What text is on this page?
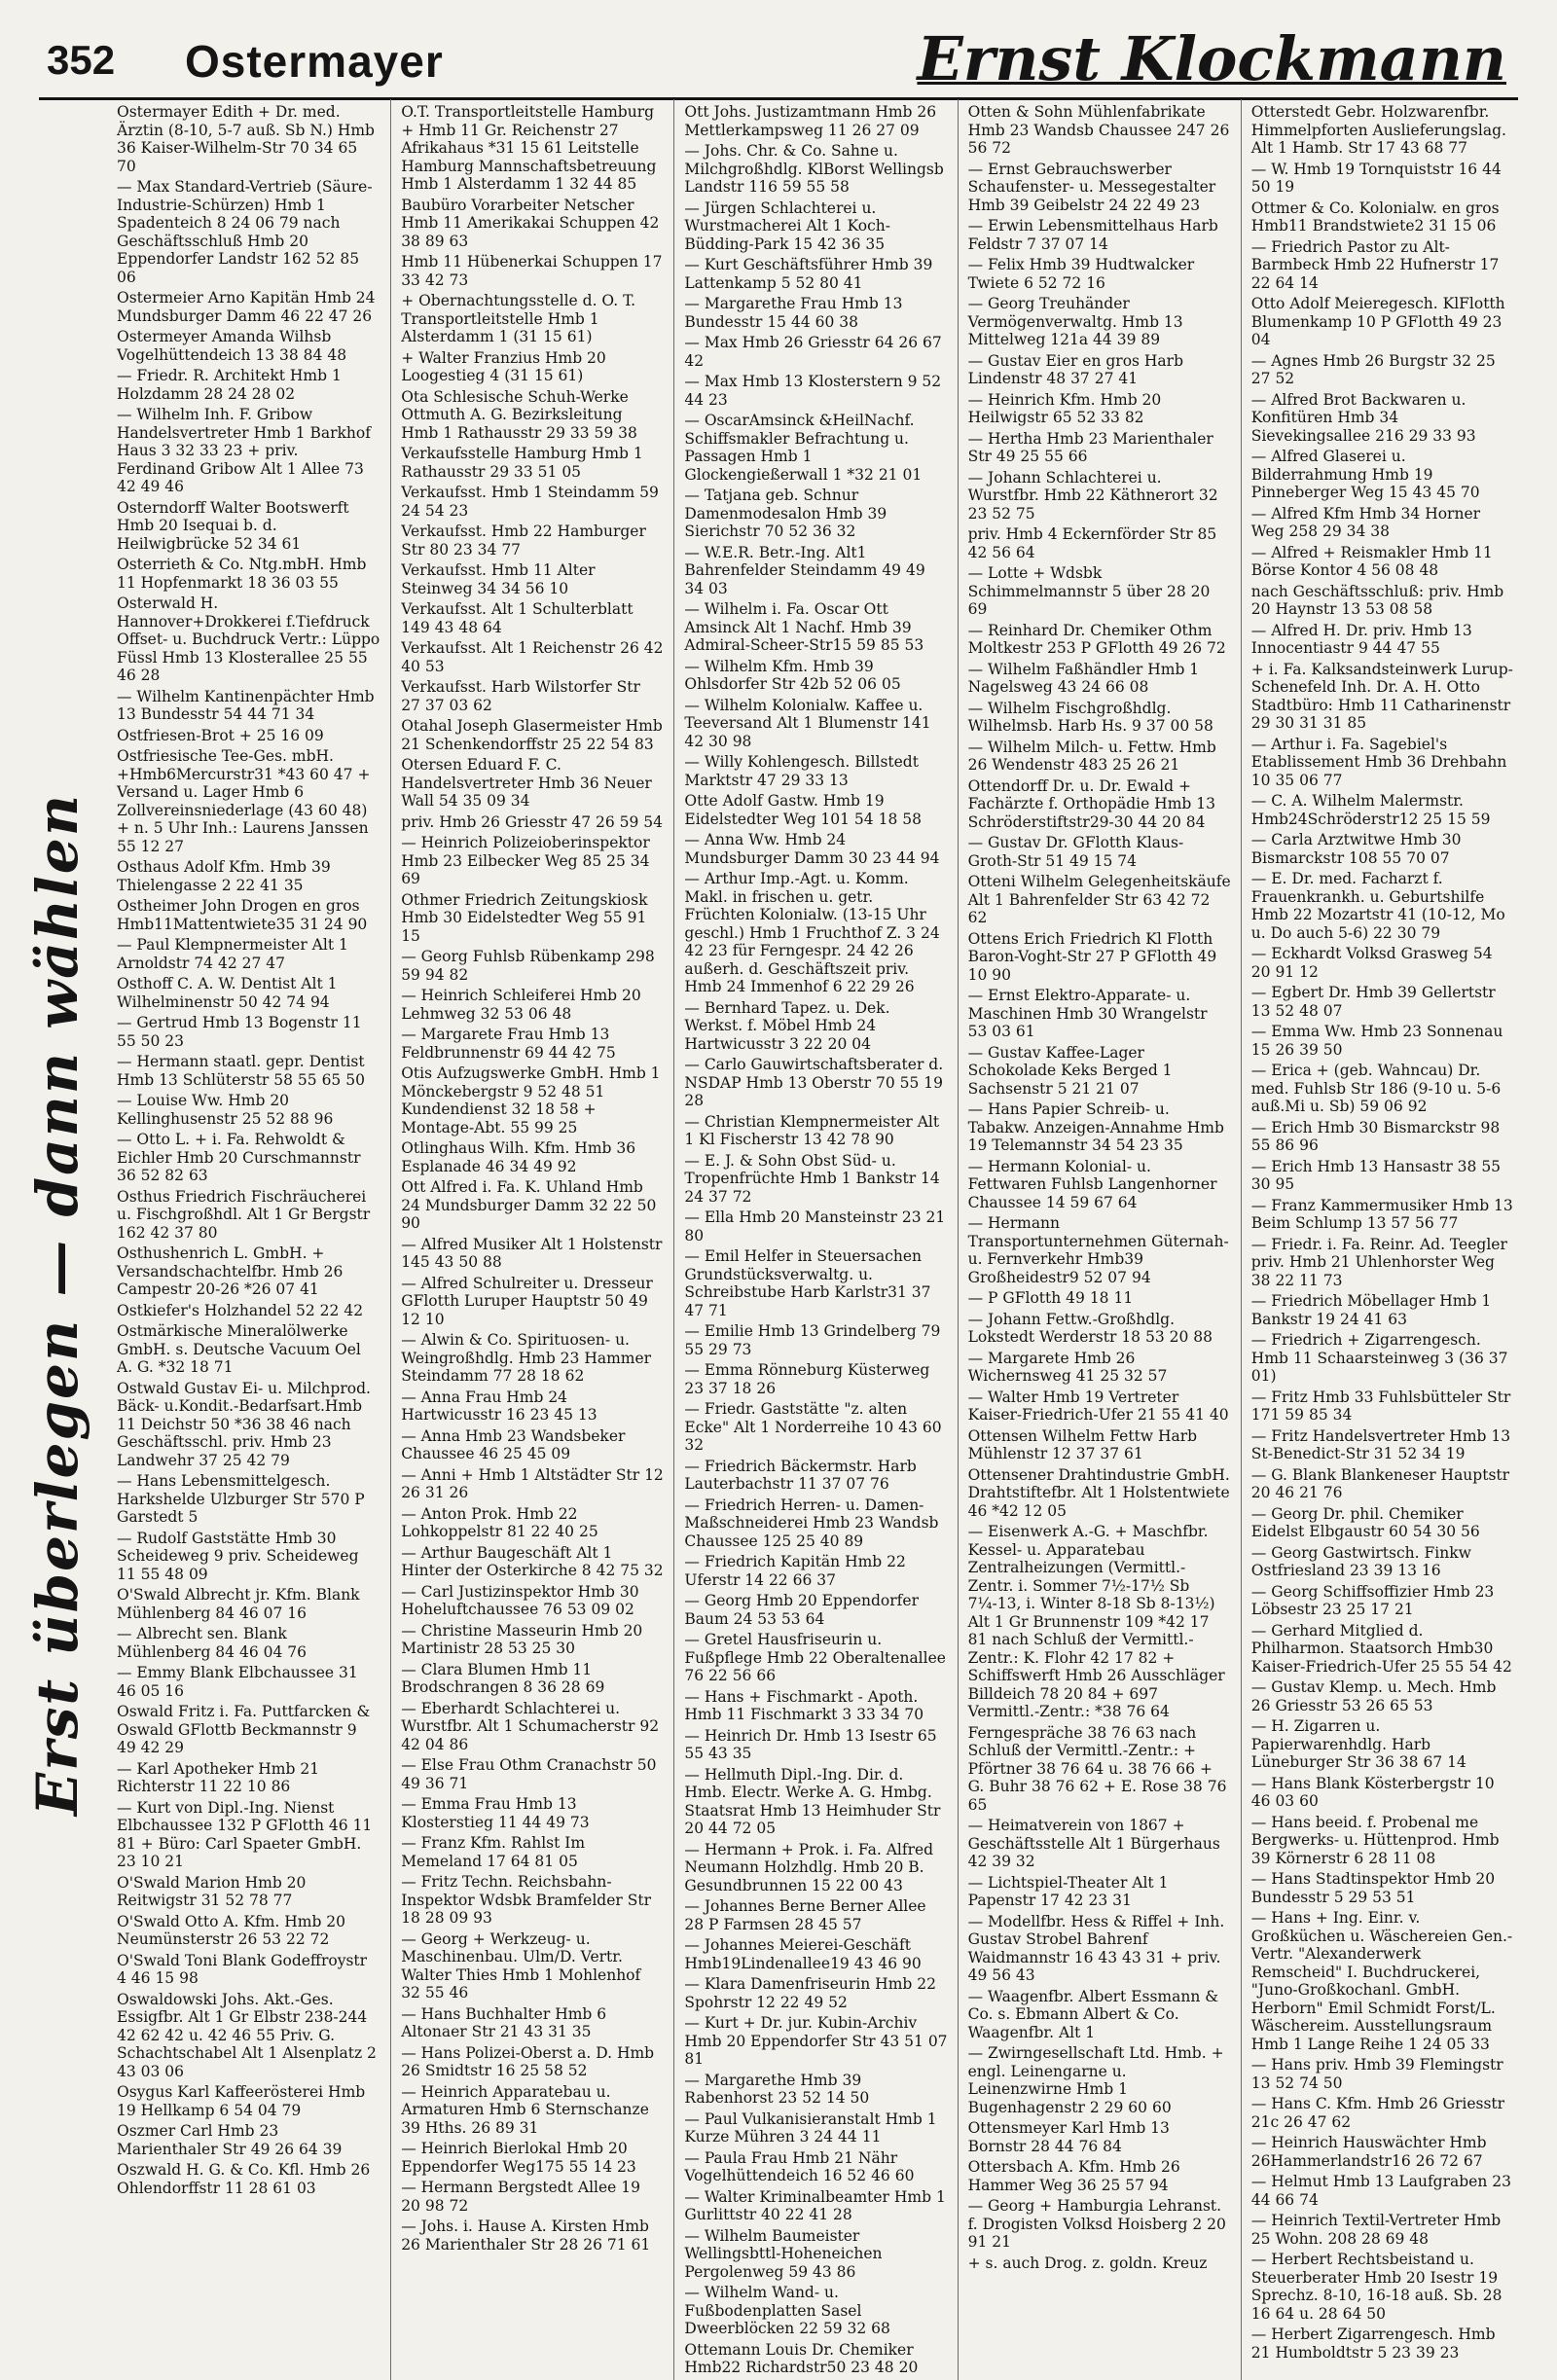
352 Ostermayer	Ernst Klockmann
Erst überlegen — dann wählen
Ostermayer Edith + Dr. med. Ärztin (8-10, 5-7 auß. Sb N.) Hmb 36 Kaiser-Wilhelm-Str 70 34 65 70
— Max Standard-Vertrieb (Säure-Industrie-Schürzen) Hmb 1 Spadenteich 8 24 06 79 nach Geschäftsschluß Hmb 20 Eppendorfer Landstr 162 52 85 06
Ostermeier Arno Kapitän Hmb 24 Mundsburger Damm 46 22 47 26
Ostermeyer Amanda Wilhsb Vogelhüttendeich 13 38 84 48
— Friedr. R. Architekt Hmb 1 Holzdamm 28 24 28 02
— Wilhelm Inh. F. Gribow Handelsvertreter Hmb 1 Barkhof Haus 3 32 33 23 + priv. Ferdinand Gribow Alt 1 Allee 73 42 49 46
Osterndorff Walter Bootswerft Hmb 20 Isequai b. d. Heilwigbrücke 52 34 61
Osterrieth & Co. Ntg.mbH. Hmb 11 Hopfenmarkt 18 36 03 55
Osterwald H. Hannover+Drokkerei f.Tiefdruck Offset- u. Buchdruck Vertr.: Lüppo Füssl Hmb 13 Klosterallee 25 55 46 28
— Wilhelm Kantinenpächter Hmb 13 Bundesstr 54 44 71 34
Ostfriesen-Brot + 25 16 09
Ostfriesische Tee-Ges. mbH. +Hmb6Mercurstr31 *43 60 47 + Versand u. Lager Hmb 6 Zollvereinsniederlage (43 60 48) + n. 5 Uhr Inh.: Laurens Janssen 55 12 27
Osthaus Adolf Kfm. Hmb 39 Thielengasse 2 22 41 35
Ostheimer John Drogen en gros Hmb11Mattentwiete35 31 24 90
— Paul Klempnermeister Alt 1 Arnoldstr 74 42 27 47
Osthoff C. A. W. Dentist Alt 1 Wilhelminenstr 50 42 74 94
— Gertrud Hmb 13 Bogenstr 11 55 50 23
— Hermann staatl. gepr. Dentist Hmb 13 Schlüterstr 58 55 65 50
— Louise Ww. Hmb 20 Kellinghusenstr 25 52 88 96
— Otto L. + i. Fa. Rehwoldt & Eichler Hmb 20 Curschmannstr 36 52 82 63
Osthus Friedrich Fischräucherei u. Fischgroßhdl. Alt 1 Gr Bergstr 162 42 37 80
Osthushenrich L. GmbH. + Versandschachtelfbr. Hmb 26 Campestr 20-26 *26 07 41
Ostkiefer's Holzhandel 52 22 42
Ostmärkische Mineralölwerke GmbH. s. Deutsche Vacuum Oel A. G. *32 18 71
Ostwald Gustav Ei- u. Milchprod. Bäck- u.Kondit.-Bedarfsart.Hmb 11 Deichstr 50 *36 38 46 nach Geschäftsschl. priv. Hmb 23 Landwehr 37 25 42 79
— Hans Lebensmittelgesch. Harkshelde Ulzburger Str 570 P Garstedt 5
— Rudolf Gaststätte Hmb 30 Scheideweg 9 priv. Scheideweg 11 55 48 09
O'Swald Albrecht jr. Kfm. Blank Mühlenberg 84 46 07 16
— Albrecht sen. Blank Mühlenberg 84 46 04 76
— Emmy Blank Elbchaussee 31 46 05 16
Oswald Fritz i. Fa. Puttfarcken & Oswald GFlottb Beckmannstr 9 49 42 29
— Karl Apotheker Hmb 21 Richterstr 11 22 10 86
— Kurt von Dipl.-Ing. Nienst Elbchaussee 132 P GFlotth 46 11 81 + Büro: Carl Spaeter GmbH. 23 10 21
O'Swald Marion Hmb 20 Reitwigstr 31 52 78 77
O'Swald Otto A. Kfm. Hmb 20 Neumünsterstr 26 53 22 72
O'Swald Toni Blank Godeffroystr 4 46 15 98
Oswaldowski Johs. Akt.-Ges. Essigfbr. Alt 1 Gr Elbstr 238-244 42 62 42 u. 42 46 55 Priv. G. Schachtschabel Alt 1 Alsenplatz 2 43 03 06
Osygus Karl Kaffeerösterei Hmb 19 Hellkamp 6 54 04 79
Oszmer Carl Hmb 23 Marienthaler Str 49 26 64 39
Oszwald H. G. & Co. Kfl. Hmb 26 Ohlendorffstr 11 28 61 03
O.T. Transportleitstelle Hamburg + Hmb 11 Gr. Reichenstr 27 Afrikahaus *31 15 61 Leitstelle Hamburg Mannschaftsbetreuung Hmb 1 Alsterdamm 1 32 44 85
Baubüro Vorarbeiter Netscher Hmb 11 Amerikakai Schuppen 42 38 89 63
Hmb 11 Hübenerkai Schuppen 17 33 42 73
+ Obernachtungsstelle d. O. T. Transportleitstelle Hmb 1 Alsterdamm 1 (31 15 61)
+ Walter Franzius Hmb 20 Loogestieg 4 (31 15 61)
Ota Schlesische Schuh-Werke Ottmuth A. G. Bezirksleitung Hmb 1 Rathausstr 29 33 59 38
Verkaufsstelle Hamburg Hmb 1 Rathausstr 29 33 51 05
Verkaufsst. Hmb 1 Steindamm 59 24 54 23
Verkaufsst. Hmb 22 Hamburger Str 80 23 34 77
Verkaufsst. Hmb 11 Alter Steinweg 34 34 56 10
Verkaufsst. Alt 1 Schulterblatt 149 43 48 64
Verkaufsst. Alt 1 Reichenstr 26 42 40 53
Verkaufsst. Harb Wilstorfer Str 27 37 03 62
Otahal Joseph Glasermeister Hmb 21 Schenkendorffstr 25 22 54 83
Otersen Eduard F. C. Handelsvertreter Hmb 36 Neuer Wall 54 35 09 34
priv. Hmb 26 Griesstr 47 26 59 54
— Heinrich Polizeioberinspektor Hmb 23 Eilbecker Weg 85 25 34 69
Othmer Friedrich Zeitungskiosk Hmb 30 Eidelstedter Weg 55 91 15
— Georg Fuhlsb Rübenkamp 298 59 94 82
— Heinrich Schleiferei Hmb 20 Lehmweg 32 53 06 48
— Margarete Frau Hmb 13 Feldbrunnenstr 69 44 42 75
Otis Aufzugswerke GmbH. Hmb 1 Mönckebergstr 9 52 48 51 Kundendienst 32 18 58 + Montage-Abt. 55 99 25
Otlinghaus Wilh. Kfm. Hmb 36 Esplanade 46 34 49 92
Ott Alfred i. Fa. K. Uhland Hmb 24 Mundsburger Damm 32 22 50 90
— Alfred Musiker Alt 1 Holstenstr 145 43 50 88
— Alfred Schulreiter u. Dresseur GFlotth Luruper Hauptstr 50 49 12 10
— Alwin & Co. Spirituosen- u. Weingroßhdlg. Hmb 23 Hammer Steindamm 77 28 18 62
— Anna Frau Hmb 24 Hartwicusstr 16 23 45 13
— Anna Hmb 23 Wandsbeker Chaussee 46 25 45 09
— Anni + Hmb 1 Altstädter Str 12 26 31 26
— Anton Prok. Hmb 22 Lohkoppelstr 81 22 40 25
— Arthur Baugeschäft Alt 1 Hinter der Osterkirche 8 42 75 32
— Carl Justizinspektor Hmb 30 Hoheluftchaussee 76 53 09 02
— Christine Masseurin Hmb 20 Martinistr 28 53 25 30
— Clara Blumen Hmb 11 Brodschrangen 8 36 28 69
— Eberhardt Schlachterei u. Wurstfbr. Alt 1 Schumacherstr 92 42 04 86
— Else Frau Othm Cranachstr 50 49 36 71
— Emma Frau Hmb 13 Klosterstieg 11 44 49 73
— Franz Kfm. Rahlst Im Memeland 17 64 81 05
— Fritz Techn. Reichsbahn-Inspektor Wdsbk Bramfelder Str 18 28 09 93
— Georg + Werkzeug- u. Maschinenbau. Ulm/D. Vertr. Walter Thies Hmb 1 Mohlenhof 32 55 46
— Hans Buchhalter Hmb 6 Altonaer Str 21 43 31 35
— Hans Polizei-Oberst a. D. Hmb 26 Smidtstr 16 25 58 52
— Heinrich Apparatebau u. Armaturen Hmb 6 Sternschanze 39 Hths. 26 89 31
— Heinrich Bierlokal Hmb 20 Eppendorfer Weg175 55 14 23
— Hermann Bergstedt Allee 19 20 98 72
— Johs. i. Hause A. Kirsten Hmb 26 Marienthaler Str 28 26 71 61
Ott Johs. Justizamtmann Hmb 26 Mettlerkampsweg 11 26 27 09
— Johs. Chr. & Co. Sahne u. Milchgroßhdlg. KlBorst Wellingsb Landstr 116 59 55 58
— Jürgen Schlachterei u. Wurstmacherei Alt 1 Koch-Büdding-Park 15 42 36 35
— Kurt Geschäftsführer Hmb 39 Lattenkamp 5 52 80 41
— Margarethe Frau Hmb 13 Bundesstr 15 44 60 38
— Max Hmb 26 Griesstr 64 26 67 42
— Max Hmb 13 Klosterstern 9 52 44 23
— OscarAmsinck &HeilNachf. Schiffsmakler Befrachtung u. Passagen Hmb 1 Glockengießerwall 1 *32 21 01
— Tatjana geb. Schnur Damenmodesalon Hmb 39 Sierichstr 70 52 36 32
— W.E.R. Betr.-Ing. Alt1 Bahrenfelder Steindamm 49 49 34 03
— Wilhelm i. Fa. Oscar Ott Amsinck Alt 1 Nachf. Hmb 39 Admiral-Scheer-Str15 59 85 53
— Wilhelm Kfm. Hmb 39 Ohlsdorfer Str 42b 52 06 05
— Wilhelm Kolonialw. Kaffee u. Teeversand Alt 1 Blumenstr 141 42 30 98
— Willy Kohlengesch. Billstedt Marktstr 47 29 33 13
Otte Adolf Gastw. Hmb 19 Eidelstedter Weg 101 54 18 58
— Anna Ww. Hmb 24 Mundsburger Damm 30 23 44 94
— Arthur Imp.-Agt. u. Komm. Makl. in frischen u. getr. Früchten Kolonialw. (13-15 Uhr geschl.) Hmb 1 Fruchthof Z. 3 24 42 23 für Ferngespr. 24 42 26 außerh. d. Geschäftszeit priv. Hmb 24 Immenhof 6 22 29 26
— Bernhard Tapez. u. Dek. Werkst. f. Möbel Hmb 24 Hartwicusstr 3 22 20 04
— Carlo Gauwirtschaftsberater d. NSDAP Hmb 13 Oberstr 70 55 19 28
— Christian Klempnermeister Alt 1 Kl Fischerstr 13 42 78 90
— E. J. & Sohn Obst Süd- u. Tropenfrüchte Hmb 1 Bankstr 14 24 37 72
— Ella Hmb 20 Mansteinstr 23 21 80
— Emil Helfer in Steuersachen Grundstücksverwaltg. u. Schreibstube Harb Karlstr31 37 47 71
— Emilie Hmb 13 Grindelberg 79 55 29 73
— Emma Rönneburg Küsterweg 23 37 18 26
— Friedr. Gaststätte "z. alten Ecke" Alt 1 Norderreihe 10 43 60 32
— Friedrich Bäckermstr. Harb Lauterbachstr 11 37 07 76
— Friedrich Herren- u. Damen-Maßschneiderei Hmb 23 Wandsb Chaussee 125 25 40 89
— Friedrich Kapitän Hmb 22 Uferstr 14 22 66 37
— Georg Hmb 20 Eppendorfer Baum 24 53 53 64
— Gretel Hausfriseurin u. Fußpflege Hmb 22 Oberaltenallee 76 22 56 66
— Hans + Fischmarkt - Apoth. Hmb 11 Fischmarkt 3 33 34 70
— Heinrich Dr. Hmb 13 Isestr 65 55 43 35
— Hellmuth Dipl.-Ing. Dir. d. Hmb. Electr. Werke A. G. Hmbg. Staatsrat Hmb 13 Heimhuder Str 20 44 72 05
— Hermann + Prok. i. Fa. Alfred Neumann Holzhdlg. Hmb 20 B. Gesundbrunnen 15 22 00 43
— Johannes Berne Berner Allee 28 P Farmsen 28 45 57
— Johannes Meierei-Geschäft Hmb19Lindenallee19 43 46 90
— Klara Damenfriseurin Hmb 22 Spohrstr 12 22 49 52
— Kurt + Dr. jur. Kubin-Archiv Hmb 20 Eppendorfer Str 43 51 07 81
— Margarethe Hmb 39 Rabenhorst 23 52 14 50
— Paul Vulkanisieranstalt Hmb 1 Kurze Mühren 3 24 44 11
— Paula Frau Hmb 21 Nähr Vogelhüttendeich 16 52 46 60
— Walter Kriminalbeamter Hmb 1 Gurlittstr 40 22 41 28
— Wilhelm Baumeister Wellingsbttl-Hoheneichen Pergolenweg 59 43 86
— Wilhelm Wand- u. Fußbodenplatten Sasel Dweerblöcken 22 59 32 68
Ottemann Louis Dr. Chemiker Hmb22 Richardstr50 23 48 20
Otten & Sohn Mühlenfabrikate Hmb 23 Wandsb Chaussee 247 26 56 72
— Ernst Gebrauchswerber Schaufenster- u. Messegestalter Hmb 39 Geibelstr 24 22 49 23
— Erwin Lebensmittelhaus Harb Feldstr 7 37 07 14
— Felix Hmb 39 Hudtwalcker Twiete 6 52 72 16
— Georg Treuhänder Vermögenverwaltg. Hmb 13 Mittelweg 121a 44 39 89
— Gustav Eier en gros Harb Lindenstr 48 37 27 41
— Heinrich Kfm. Hmb 20 Heilwigstr 65 52 33 82
— Hertha Hmb 23 Marienthaler Str 49 25 55 66
— Johann Schlachterei u. Wurstfbr. Hmb 22 Käthnerort 32 23 52 75
priv. Hmb 4 Eckernförder Str 85 42 56 64
— Lotte + Wdsbk Schimmelmannstr 5 über 28 20 69
— Reinhard Dr. Chemiker Othm Moltkestr 253 P GFlotth 49 26 72
— Wilhelm Faßhändler Hmb 1 Nagelsweg 43 24 66 08
— Wilhelm Fischgroßhdlg. Wilhelmsb. Harb Hs. 9 37 00 58
— Wilhelm Milch- u. Fettw. Hmb 26 Wendenstr 483 25 26 21
Ottendorff Dr. u. Dr. Ewald + Fachärzte f. Orthopädie Hmb 13 Schröderstiftstr29-30 44 20 84
— Gustav Dr. GFlotth Klaus-Groth-Str 51 49 15 74
Otteni Wilhelm Gelegenheitskäufe Alt 1 Bahrenfelder Str 63 42 72 62
Ottens Erich Friedrich Kl Flotth Baron-Voght-Str 27 P GFlotth 49 10 90
— Ernst Elektro-Apparate- u. Maschinen Hmb 30 Wrangelstr 53 03 61
— Gustav Kaffee-Lager Schokolade Keks Berged 1 Sachsenstr 5 21 21 07
— Hans Papier Schreib- u. Tabakw. Anzeigen-Annahme Hmb 19 Telemannstr 34 54 23 35
— Hermann Kolonial- u. Fettwaren Fuhlsb Langenhorner Chaussee 14 59 67 64
— Hermann Transportunternehmen Güternah- u. Fernverkehr Hmb39 Großheidestr9 52 07 94
— P GFlotth 49 18 11
— Johann Fettw.-Großhdlg. Lokstedt Werderstr 18 53 20 88
— Margarete Hmb 26 Wichernsweg 41 25 32 57
— Walter Hmb 19 Vertreter Kaiser-Friedrich-Ufer 21 55 41 40
Ottensen Wilhelm Fettw Harb Mühlenstr 12 37 37 61
Ottensener Drahtindustrie GmbH. Drahtstiftefbr. Alt 1 Holstentwiete 46 *42 12 05
— Eisenwerk A.-G. + Maschfbr. Kessel- u. Apparatebau Zentralheizungen (Vermittl.-Zentr. i. Sommer 7½-17½ Sb 7¼-13, i. Winter 8-18 Sb 8-13½) Alt 1 Gr Brunnenstr 109 *42 17 81 nach Schluß der Vermittl.-Zentr.: K. Flohr 42 17 82 + Schiffswerft Hmb 26 Ausschläger Billdeich 78 20 84 + 697 Vermittl.-Zentr.: *38 76 64
Ferngespräche 38 76 63 nach Schluß der Vermittl.-Zentr.: + Pförtner 38 76 64 u. 38 76 66 + G. Buhr 38 76 62 + E. Rose 38 76 65
— Heimatverein von 1867 + Geschäftsstelle Alt 1 Bürgerhaus 42 39 32
— Lichtspiel-Theater Alt 1 Papenstr 17 42 23 31
— Modellfbr. Hess & Riffel + Inh. Gustav Strobel Bahrenf Waidmannstr 16 43 43 31 + priv. 49 56 43
— Waagenfbr. Albert Essmann & Co. s. Ebmann Albert & Co. Waagenfbr. Alt 1
— Zwirngesellschaft Ltd. Hmb. + engl. Leinengarne u. Leinenzwirne Hmb 1 Bugenhagenstr 2 29 60 60
Ottensmeyer Karl Hmb 13 Bornstr 28 44 76 84
Ottersbach A. Kfm. Hmb 26 Hammer Weg 36 25 57 94
— Georg + Hamburgia Lehranst. f. Drogisten Volksd Hoisberg 2 20 91 21
+ s. auch Drog. z. goldn. Kreuz
Otterstedt Gebr. Holzwarenfbr. Himmelpforten Auslieferungslag. Alt 1 Hamb. Str 17 43 68 77
— W. Hmb 19 Tornquiststr 16 44 50 19
Ottmer & Co. Kolonialw. en gros Hmb11 Brandstwiete2 31 15 06
— Friedrich Pastor zu Alt-Barmbeck Hmb 22 Hufnerstr 17 22 64 14
Otto Adolf Meieregesch. KlFlotth Blumenkamp 10 P GFlotth 49 23 04
— Agnes Hmb 26 Burgstr 32 25 27 52
— Alfred Brot Backwaren u. Konfitüren Hmb 34 Sievekingsallee 216 29 33 93
— Alfred Glaserei u. Bilderrahmung Hmb 19 Pinneberger Weg 15 43 45 70
— Alfred Kfm Hmb 34 Horner Weg 258 29 34 38
— Alfred + Reismakler Hmb 11 Börse Kontor 4 56 08 48
nach Geschäftsschluß: priv. Hmb 20 Haynstr 13 53 08 58
— Alfred H. Dr. priv. Hmb 13 Innocentiastr 9 44 47 55
+ i. Fa. Kalksandsteinwerk Lurup-Schenefeld Inh. Dr. A. H. Otto Stadtbüro: Hmb 11 Catharinenstr 29 30 31 31 85
— Arthur i. Fa. Sagebiel's Etablissement Hmb 36 Drehbahn 10 35 06 77
— C. A. Wilhelm Malermstr. Hmb24Schröderstr12 25 15 59
— Carla Arztwitwe Hmb 30 Bismarckstr 108 55 70 07
— E. Dr. med. Facharzt f. Frauenkrankh. u. Geburtshilfe Hmb 22 Mozartstr 41 (10-12, Mo u. Do auch 5-6) 22 30 79
— Eckhardt Volksd Grasweg 54 20 91 12
— Egbert Dr. Hmb 39 Gellertstr 13 52 48 07
— Emma Ww. Hmb 23 Sonnenau 15 26 39 50
— Erica + (geb. Wahncau) Dr. med. Fuhlsb Str 186 (9-10 u. 5-6 auß.Mi u. Sb) 59 06 92
— Erich Hmb 30 Bismarckstr 98 55 86 96
— Erich Hmb 13 Hansastr 38 55 30 95
— Franz Kammermusiker Hmb 13 Beim Schlump 13 57 56 77
— Friedr. i. Fa. Reinr. Ad. Teegler priv. Hmb 21 Uhlenhorster Weg 38 22 11 73
— Friedrich Möbellager Hmb 1 Bankstr 19 24 41 63
— Friedrich + Zigarrengesch. Hmb 11 Schaarsteinweg 3 (36 37 01)
— Fritz Hmb 33 Fuhlsbütteler Str 171 59 85 34
— Fritz Handelsvertreter Hmb 13 St-Benedict-Str 31 52 34 19
— G. Blank Blankeneser Hauptstr 20 46 21 76
— Georg Dr. phil. Chemiker Eidelst Elbgaustr 60 54 30 56
— Georg Gastwirtsch. Finkw Ostfriesland 23 39 13 16
— Georg Schiffsoffizier Hmb 23 Löbsestr 23 25 17 21
— Gerhard Mitglied d. Philharmon. Staatsorch Hmb30 Kaiser-Friedrich-Ufer 25 55 54 42
— Gustav Klemp. u. Mech. Hmb 26 Griesstr 53 26 65 53
— H. Zigarren u. Papierwarenhdlg. Harb Lüneburger Str 36 38 67 14
— Hans Blank Kösterbergstr 10 46 03 60
— Hans beeid. f. Probenal me Bergwerks- u. Hüttenprod. Hmb 39 Körnerstr 6 28 11 08
— Hans Stadtinspektor Hmb 20 Bundesstr 5 29 53 51
— Hans + Ing. Einr. v. Großküchen u. Wäschereien Gen.-Vertr. "Alexanderwerk Remscheid" I. Buchdruckerei, "Juno-Großkochanl. GmbH. Herborn" Emil Schmidt Forst/L. Wäschereim. Ausstellungsraum Hmb 1 Lange Reihe 1 24 05 33
— Hans priv. Hmb 39 Flemingstr 13 52 74 50
— Hans C. Kfm. Hmb 26 Griesstr 21c 26 47 62
— Heinrich Hauswächter Hmb 26Hammerlandstr16 26 72 67
— Helmut Hmb 13 Laufgraben 23 44 66 74
— Heinrich Textil-Vertreter Hmb 25 Wohn. 208 28 69 48
— Herbert Rechtsbeistand u. Steuerberater Hmb 20 Isestr 19 Sprechz. 8-10, 16-18 auß. Sb. 28 16 64 u. 28 64 50
— Herbert Zigarrengesch. Hmb 21 Humboldtstr 5 23 39 23
